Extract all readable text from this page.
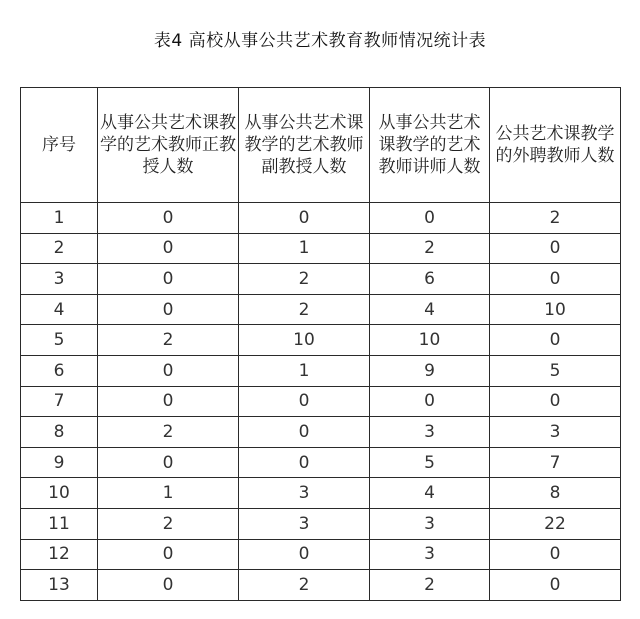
表4 高校从事公共艺术教育教师情况统计表
序号	从事公共艺术课教学的艺术教师正教授人数	从事公共艺术课教学的艺术教师副教授人数	从事公共艺术课教学的艺术教师讲师人数	公共艺术课教学的外聘教师人数

1	0	0	0	2
2	0	1	2	0
3	0	2	6	0
4	0	2	4	10
5	2	10	10	0
6	0	1	9	5
7	0	0	0	0
8	2	0	3	3
9	0	0	5	7
10	1	3	4	8
11	2	3	3	22
12	0	0	3	0
13	0	2	2	0
